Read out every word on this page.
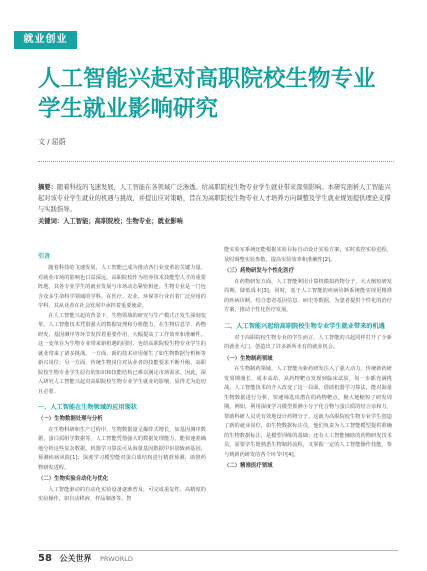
就业创业
人工智能兴起对高职院校生物专业
学生就业影响研究
文 / 屈蔚
摘要：随着科技的飞速发展，人工智能在各领域广泛渗透。给高职院校生物专业学生就业带来深刻影响。本研究剖析人工智能兴起对该专业学生就业的机遇与挑战，并提出应对策略，旨在为高职院校生物专业人才培养方向调整及学生就业规划提供理论支撑与实践指导。
关键词：人工智能；高职院校；生物专业；就业影响
引言

随着科技的飞速发展，人工智能已成为推动各行业变革的关键力量。对就业市场的影响也日益深远。高职院校作为培养技术技能型人才的重要阵地，其各专业学生的就业发展与市场动态紧密相连。生物专业是一门包含众多生命科学领域的学科，在医疗、农业、环保等行业有着广泛应用的学科，其从业者在社会发展中承担着重要使命。

在人工智能兴起的背景下，生物领域的研究与生产模式正发生深刻变革。人工智能技术凭借强大的数据处理和分析能力，在生物信息学、药物研发、基因测序等环节发挥着重要作用，大幅提高了工作效率和准确性。这一变革在为生物专业带来新机遇的同时，也给高职院校生物专业学生的就业带来了诸多挑战。一方面，新的技术应用催生了如生物数据分析师等新兴岗位；另一方面，传统生物岗位对从业者的技能要求不断升级，高职院校生物专业学生原有的知识和技能结构已难以满足市场需求。因此，深入研究人工智能兴起对高职院校生物专业学生就业的影响，显得尤为迫切且必要。

一、人工智能在生物领域的应用现状
（一）生物数据处理与分析

在生物科研和生产过程中，生物数据量呈爆炸式增长，如基因测序数据、蛋白质组学数据等。人工智能凭借强大的数据处理能力，能快速准确地分析这些复杂数据。机器学习算法可从海量基因数据中识别致病基因，预测疾病风险[1]；深度学习模型能对蛋白质结构进行精准预测，助推药物研发进程。

（二）生物实验自动化与优化

人工智能驱动的自动化实验设备逐渐普及，可完成重复性、高精度的实验操作，如自动移液、样品制备等。智

能实验室系统还能根据实验目标自动设计实验方案，实时监控实验进程，及时调整实验参数，提高实验效率和准确性[2]。

（三）药物研发与个性化医疗

在药物研发方面，人工智能利用计算机模拟药物分子，大大缩短研发周期，降低成本[3]。同时，基于人工智能的疾病诊断系统能实现更精准的疾病诊断。结合患者基因信息、病史等数据，为患者提供个性化的治疗方案，推动个性化医疗发展。

二、人工智能兴起给高职院校生物专业学生就业带来的机遇

对于高职院校生物专业的学生而言，人工智能的兴起同样打开了全新的就业大门，创造出了许多新所未有的就业机会。

（一）生物制药领域

在生物制药领域，人工智能为新药研发注入了强大动力。传统新药研发周期漫长、成本高昂，从药物靶点发现到临床试验，每一步都充满挑战。人工智能技术的介入改变了这一局面，借助机器学习算法，能对海量生物数据进行分析，快速筛选出潜在的药物靶点，极大地缩短了研发周期。例如，利用深度学习模型预测小分子化合物与蛋白质的结合亲和力，帮助科研人员更有效地设计药物分子。这就为高职院校生物专业学生创造了新的就业岗位，如生物数据标注员，他们负责为人工智能模型提供准确的生物数据标注，是模型训练的基础；还有人工智能辅助的药物研发技术员，需要学生既熟悉生物制药流程，又掌握一定的人工智能操作技能，参与到新药研发的各个环节中[4]。

（二）精准医疗领域
58 公关世界 PRWORLD
